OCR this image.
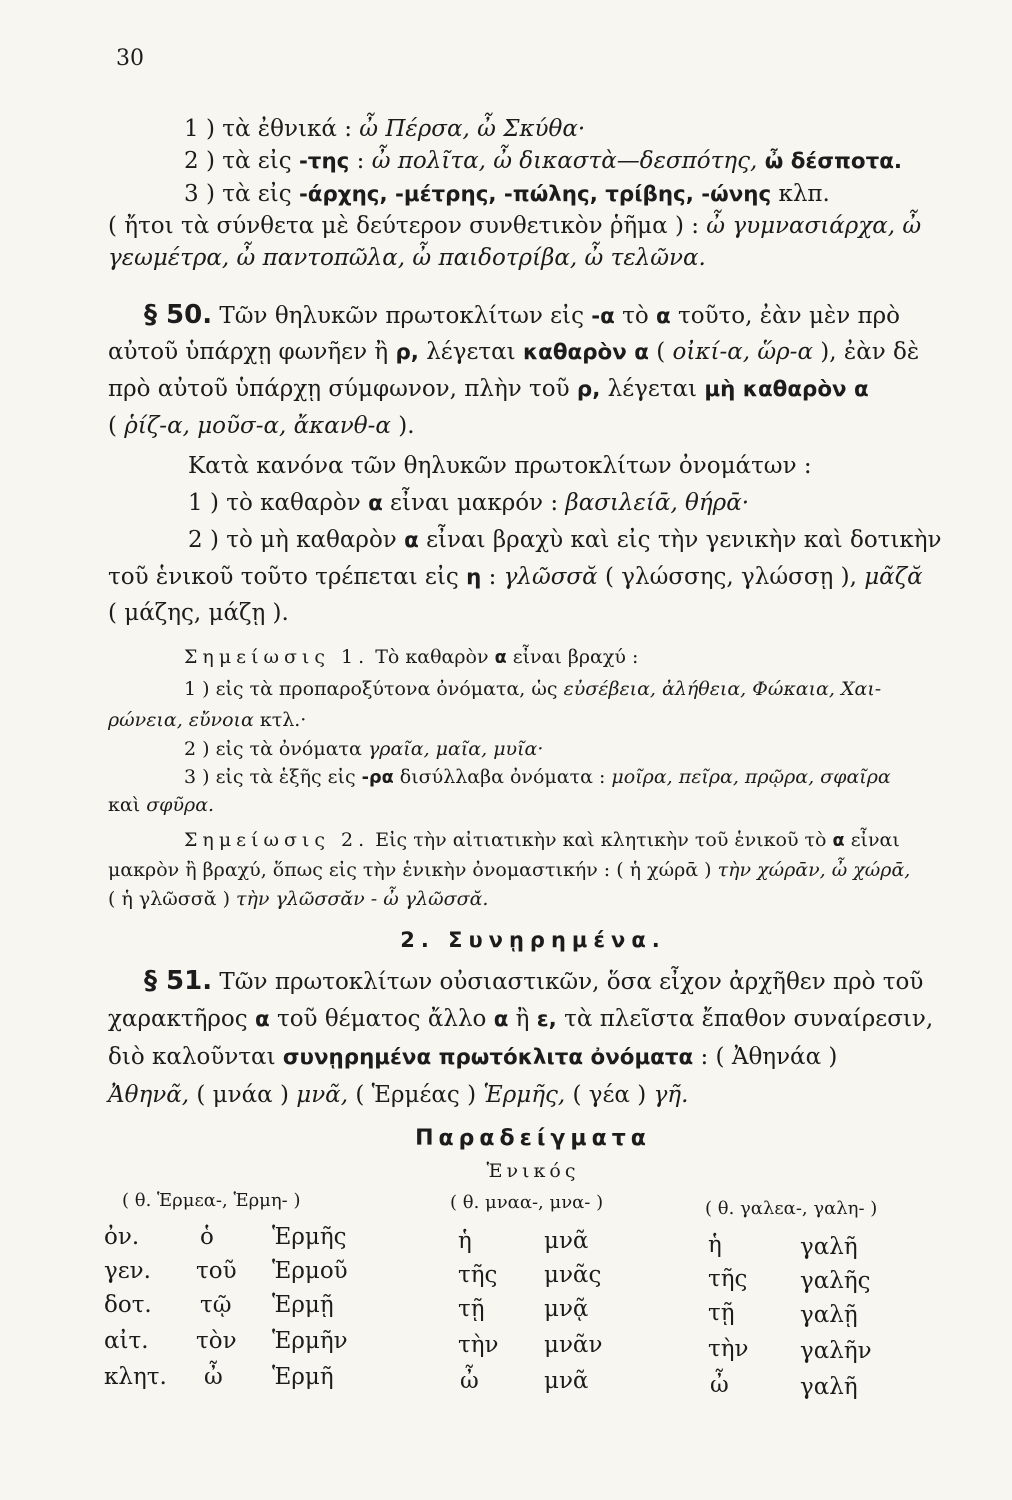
30
1 ) τὰ ἐθνικά : ὦ Πέρσα, ὦ Σκύθα·
2 ) τὰ εἰς -της : ὦ πολῖτα, ὦ δικαστὰ—δεσπότης, ὦ δέσποτα.
3 ) τὰ εἰς -άρχης, -μέτρης, -πώλης, τρίβης, -ώνης κλπ.
( ἤτοι τὰ σύνθετα μὲ δεύτερον συνθετικὸν ῥῆμα ) : ὦ γυμνασιάρχα, ὦ
γεωμέτρα, ὦ παντοπῶλα, ὦ παιδοτρίβα, ὦ τελῶνα.
§ 50. Τῶν θηλυκῶν πρωτοκλίτων εἰς -α τὸ α τοῦτο, ἐὰν μὲν πρὸ
αὐτοῦ ὑπάρχῃ φωνῆεν ἢ ρ, λέγεται καθαρὸν α ( οἰκί-α, ὥρ-α ), ἐὰν δὲ
πρὸ αὐτοῦ ὑπάρχῃ σύμφωνον, πλὴν τοῦ ρ, λέγεται μὴ καθαρὸν α
( ῥίζ-α, μοῦσ-α, ἄκανθ-α ).
Κατὰ κανόνα τῶν θηλυκῶν πρωτοκλίτων ὀνομάτων :
1 ) τὸ καθαρὸν α εἶναι μακρόν : βασιλείᾱ, θήρᾱ·
2 ) τὸ μὴ καθαρὸν α εἶναι βραχὺ καὶ εἰς τὴν γενικὴν καὶ δοτικὴν
τοῦ ἑνικοῦ τοῦτο τρέπεται εἰς η : γλῶσσᾰ ( γλώσσης, γλώσσῃ ), μᾶζᾰ
( μάζης, μάζῃ ).
Σημείωσις 1. Τὸ καθαρὸν α εἶναι βραχύ :
1 ) εἰς τὰ προπαροξύτονα ὀνόματα, ὡς εὐσέβεια, ἀλήθεια, Φώκαια, Χαι-
ρώνεια, εὔνοια κτλ.·
2 ) εἰς τὰ ὀνόματα γραῖα, μαῖα, μυῖα·
3 ) εἰς τὰ ἑξῆς εἰς -ρα δισύλλαβα ὀνόματα : μοῖρα, πεῖρα, πρῷρα, σφαῖρα
καὶ σφῦρα.
Σημείωσις 2. Εἰς τὴν αἰτιατικὴν καὶ κλητικὴν τοῦ ἑνικοῦ τὸ α εἶναι
μακρὸν ἢ βραχύ, ὅπως εἰς τὴν ἑνικὴν ὀνομαστικήν : ( ἡ χώρᾱ ) τὴν χώρᾱν, ὦ χώρᾱ,
( ἡ γλῶσσᾰ ) τὴν γλῶσσᾰν - ὦ γλῶσσᾰ.
2. Συνῃρημένα.
§ 51. Τῶν πρωτοκλίτων οὐσιαστικῶν, ὅσα εἶχον ἀρχῆθεν πρὸ τοῦ
χαρακτῆρος α τοῦ θέματος ἄλλο α ἢ ε, τὰ πλεῖστα ἔπαθον συναίρεσιν,
διὸ καλοῦνται συνῃρημένα πρωτόκλιτα ὀνόματα : ( Ἀθηνάα )
Ἀθηνᾶ, ( μνάα ) μνᾶ, ( Ἑρμέας ) Ἑρμῆς, ( γέα ) γῆ.
Παραδείγματα
Ἑνικός
( θ. Ἑρμεα-, Ἑρμη- )	( θ. μναα-, μνα- )	( θ. γαλεα-, γαλη- )
ὀν.	ὁ	Ἑρμῆς	ἡ	μνᾶ	ἡ	γαλῆ
γεν. τοῦ Ἑρμοῦ	τῆς μνᾶς	τῆς γαλῆς
δοτ. τῷ Ἑρμῇ	τῇ	μνᾷ	τῇ	γαλῇ
αἰτ. τὸν Ἑρμῆν	τὴν μνᾶν	τὴν γαλῆν
κλητ. ὦ Ἑρμῆ	ὦ	μνᾶ	ὦ	γαλῆ
